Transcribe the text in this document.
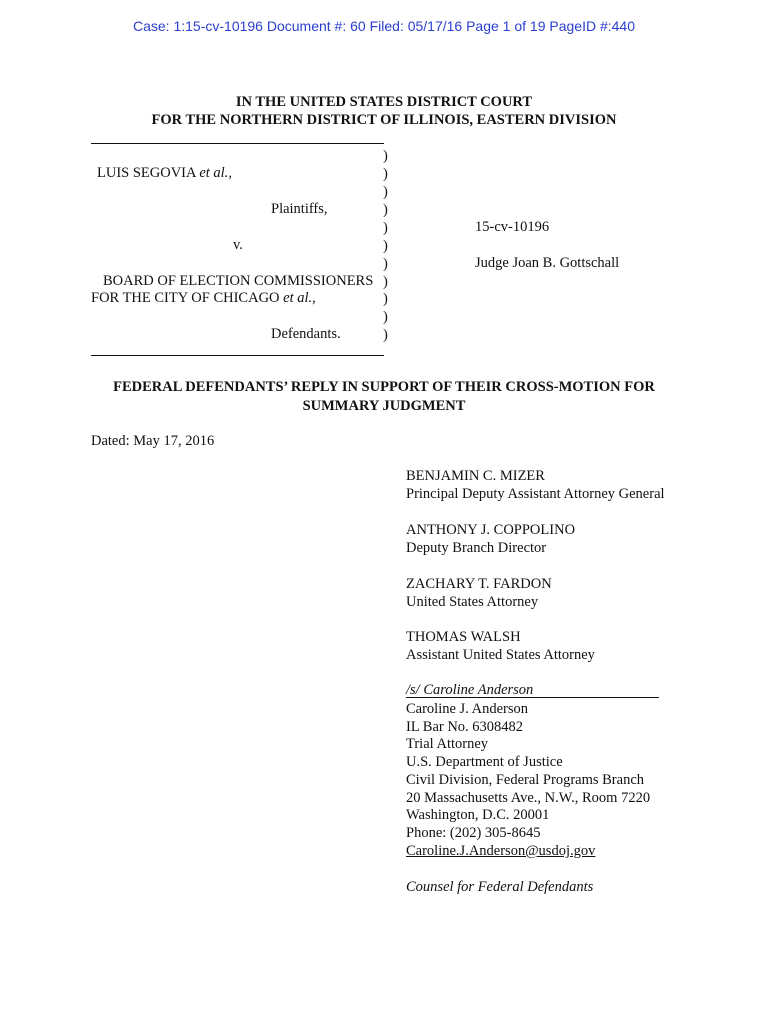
Case: 1:15-cv-10196 Document #: 60 Filed: 05/17/16 Page 1 of 19 PageID #:440
IN THE UNITED STATES DISTRICT COURT
FOR THE NORTHERN DISTRICT OF ILLINOIS, EASTERN DIVISION
)
)
)
)
)
)
)
)
)
)
)
LUIS SEGOVIA et al.,
Plaintiffs,
v.
BOARD OF ELECTION COMMISSIONERS
FOR THE CITY OF CHICAGO et al.,
Defendants.
15-cv-10196
Judge Joan B. Gottschall
FEDERAL DEFENDANTS’ REPLY IN SUPPORT OF THEIR CROSS-MOTION FOR
SUMMARY JUDGMENT
Dated: May 17, 2016
BENJAMIN C. MIZER
Principal Deputy Assistant Attorney General
ANTHONY J. COPPOLINO
Deputy Branch Director
ZACHARY T. FARDON
United States Attorney
THOMAS WALSH
Assistant United States Attorney
/s/ Caroline Anderson
Caroline J. Anderson
IL Bar No. 6308482
Trial Attorney
U.S. Department of Justice
Civil Division, Federal Programs Branch
20 Massachusetts Ave., N.W., Room 7220
Washington, D.C. 20001
Phone: (202) 305-8645
Caroline.J.Anderson@usdoj.gov
Counsel for Federal Defendants
